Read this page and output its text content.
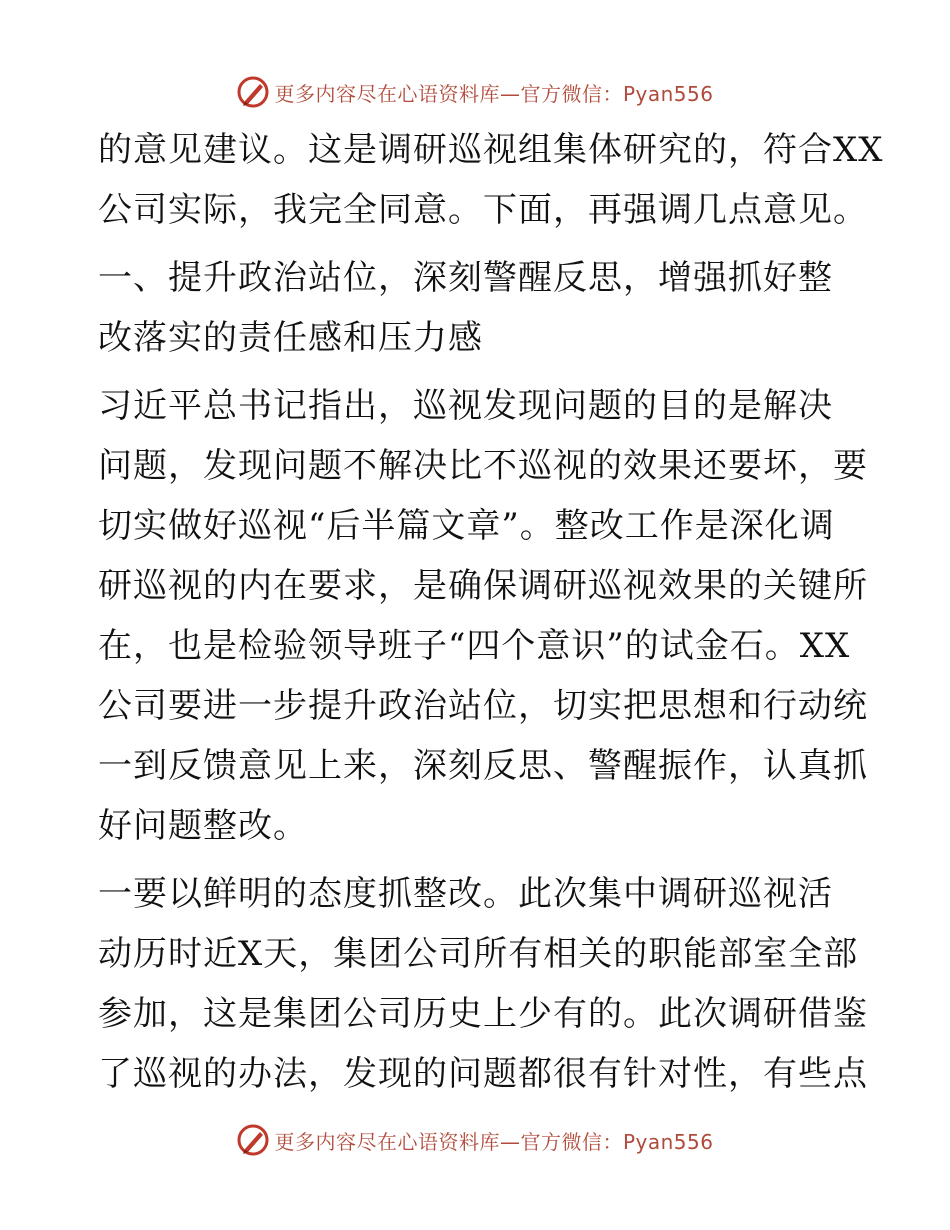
更多内容尽在心语资料库—官方微信：Pyan556
的意见建议。这是调研巡视组集体研究的，符合XX
公司实际，我完全同意。下面，再强调几点意见。
一、提升政治站位，深刻警醒反思，增强抓好整
改落实的责任感和压力感
习近平总书记指出，巡视发现问题的目的是解决
问题，发现问题不解决比不巡视的效果还要坏，要
切实做好巡视“后半篇文章”。整改工作是深化调
研巡视的内在要求，是确保调研巡视效果的关键所
在，也是检验领导班子“四个意识”的试金石。XX
公司要进一步提升政治站位，切实把思想和行动统
一到反馈意见上来，深刻反思、警醒振作，认真抓
好问题整改。
一要以鲜明的态度抓整改。此次集中调研巡视活
动历时近X天，集团公司所有相关的职能部室全部
参加，这是集团公司历史上少有的。此次调研借鉴
了巡视的办法，发现的问题都很有针对性，有些点
更多内容尽在心语资料库—官方微信：Pyan556
